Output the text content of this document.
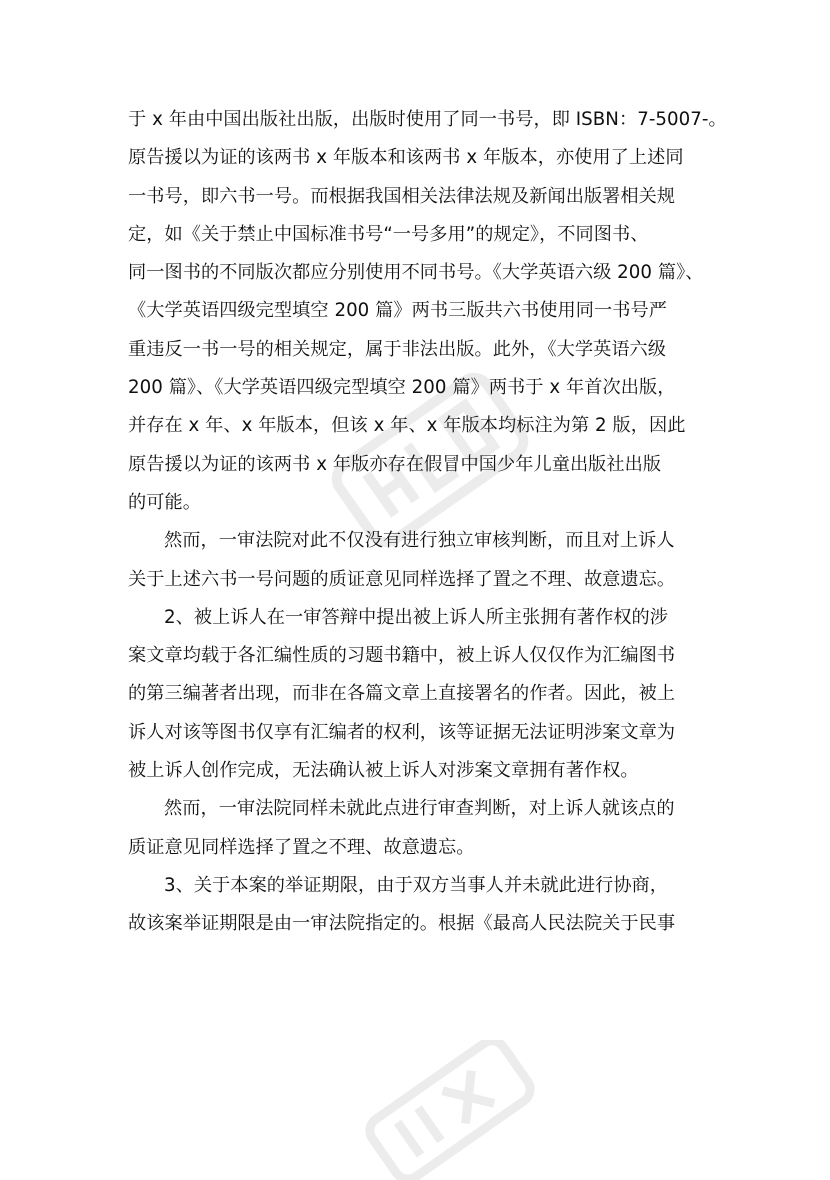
于 x 年由中国出版社出版，出版时使用了同一书号，即 ISBN：7-5007-。
原告援以为证的该两书 x 年版本和该两书 x 年版本，亦使用了上述同
一书号，即六书一号。而根据我国相关法律法规及新闻出版署相关规
定，如《关于禁止中国标准书号“一号多用”的规定》，不同图书、
同一图书的不同版次都应分别使用不同书号。《大学英语六级 200 篇》、
《大学英语四级完型填空 200 篇》两书三版共六书使用同一书号严
重违反一书一号的相关规定，属于非法出版。此外，《大学英语六级
200 篇》、《大学英语四级完型填空 200 篇》两书于 x 年首次出版，
并存在 x 年、x 年版本，但该 x 年、x 年版本均标注为第 2 版，因此
原告援以为证的该两书 x 年版亦存在假冒中国少年儿童出版社出版
的可能。
然而，一审法院对此不仅没有进行独立审核判断，而且对上诉人
关于上述六书一号问题的质证意见同样选择了置之不理、故意遗忘。
2、被上诉人在一审答辩中提出被上诉人所主张拥有著作权的涉
案文章均载于各汇编性质的习题书籍中，被上诉人仅仅作为汇编图书
的第三编著者出现，而非在各篇文章上直接署名的作者。因此，被上
诉人对该等图书仅享有汇编者的权利，该等证据无法证明涉案文章为
被上诉人创作完成，无法确认被上诉人对涉案文章拥有著作权。
然而，一审法院同样未就此点进行审查判断，对上诉人就该点的
质证意见同样选择了置之不理、故意遗忘。
3、关于本案的举证期限，由于双方当事人并未就此进行协商，
故该案举证期限是由一审法院指定的。根据《最高人民法院关于民事
